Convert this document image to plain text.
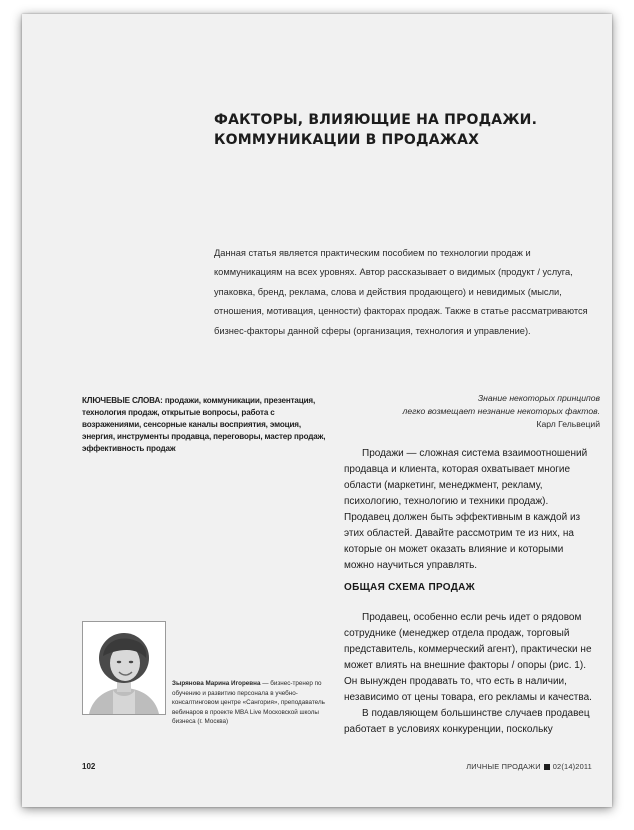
ФАКТОРЫ, ВЛИЯЮЩИЕ НА ПРОДАЖИ.
КОММУНИКАЦИИ В ПРОДАЖАХ

Данная статья является практическим пособием по технологии продаж и коммуникациям на всех уровнях. Автор рассказывает о видимых (продукт / услуга, упаковка, бренд, реклама, слова и действия продающего) и невидимых (мысли, отношения, мотивация, ценности) факторах продаж. Также в статье рассматриваются бизнес-факторы данной сферы (организация, технология и управление).

КЛЮЧЕВЫЕ СЛОВА: продажи, коммуникации, презентация, технология продаж, открытые вопросы, работа с возражениями, сенсорные каналы восприятия, эмоция, энергия, инструменты продавца, переговоры, мастер продаж, эффективность продаж
Знание некоторых принципов
легко возмещает незнание некоторых фактов.
Карл Гельвеций

Продажи — сложная система взаимоотношений продавца и клиента, которая охватывает многие области (маркетинг, менеджмент, рекламу, психологию, технологию и техники продаж). Продавец должен быть эффективным в каждой из этих областей. Давайте рассмотрим те из них, на которые он может оказать влияние и которыми можно научиться управлять.

ОБЩАЯ СХЕМА ПРОДАЖ

Продавец, особенно если речь идет о рядовом сотруднике (менеджер отдела продаж, торговый представитель, коммерческий агент), практически не может влиять на внешние факторы / опоры (рис. 1). Он вынужден продавать то, что есть в наличии, независимо от цены товара, его рекламы и качества.

В подавляющем большинстве случаев продавец работает в условиях конкуренции, поскольку

Зырянова Марина Игоревна — бизнес-тренер по обучению и развитию персонала в учебно-консалтинговом центре «Сангория», преподаватель вебинаров в проекте MBA Live Московской школы бизнеса (г. Москва)
102	ЛИЧНЫЕ ПРОДАЖИ 02(14)2011
